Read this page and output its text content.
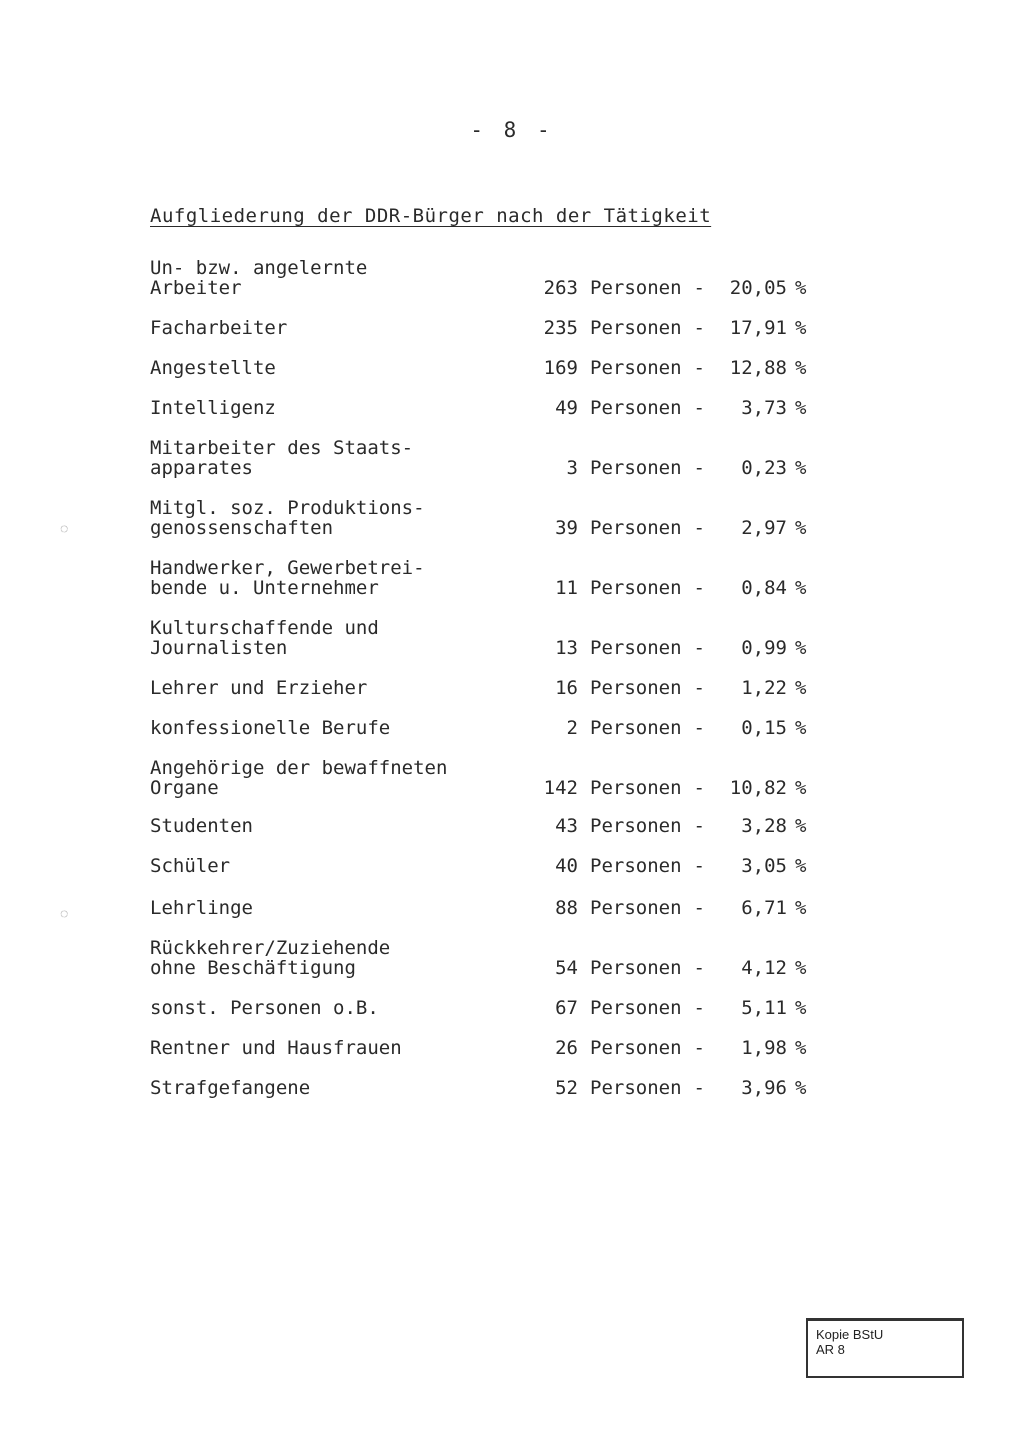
- 8 -
Aufgliederung der DDR-Bürger nach der Tätigkeit
Un- bzw. angelernte
Arbeiter	263 Personen - 20,05 %
Facharbeiter	235 Personen - 17,91 %
Angestellte	169 Personen - 12,88 %
Intelligenz	49 Personen - 3,73 %
Mitarbeiter des Staats-
apparates	3 Personen - 0,23 %
Mitgl. soz. Produktions-
genossenschaften	39 Personen - 2,97 %
Handwerker, Gewerbetrei-
bende u. Unternehmer	11 Personen - 0,84 %
Kulturschaffende und
Journalisten	13 Personen - 0,99 %
Lehrer und Erzieher	16 Personen - 1,22 %
konfessionelle Berufe	2 Personen - 0,15 %
Angehörige der bewaffneten
Organe	142 Personen - 10,82 %
Studenten	43 Personen - 3,28 %
Schüler	40 Personen - 3,05 %
Lehrlinge	88 Personen - 6,71 %
Rückkehrer/Zuziehende
ohne Beschäftigung	54 Personen - 4,12 %
sonst. Personen o.B.	67 Personen - 5,11 %
Rentner und Hausfrauen	26 Personen - 1,98 %
Strafgefangene	52 Personen - 3,96 %
Kopie BStU
AR 8
◌
◌
